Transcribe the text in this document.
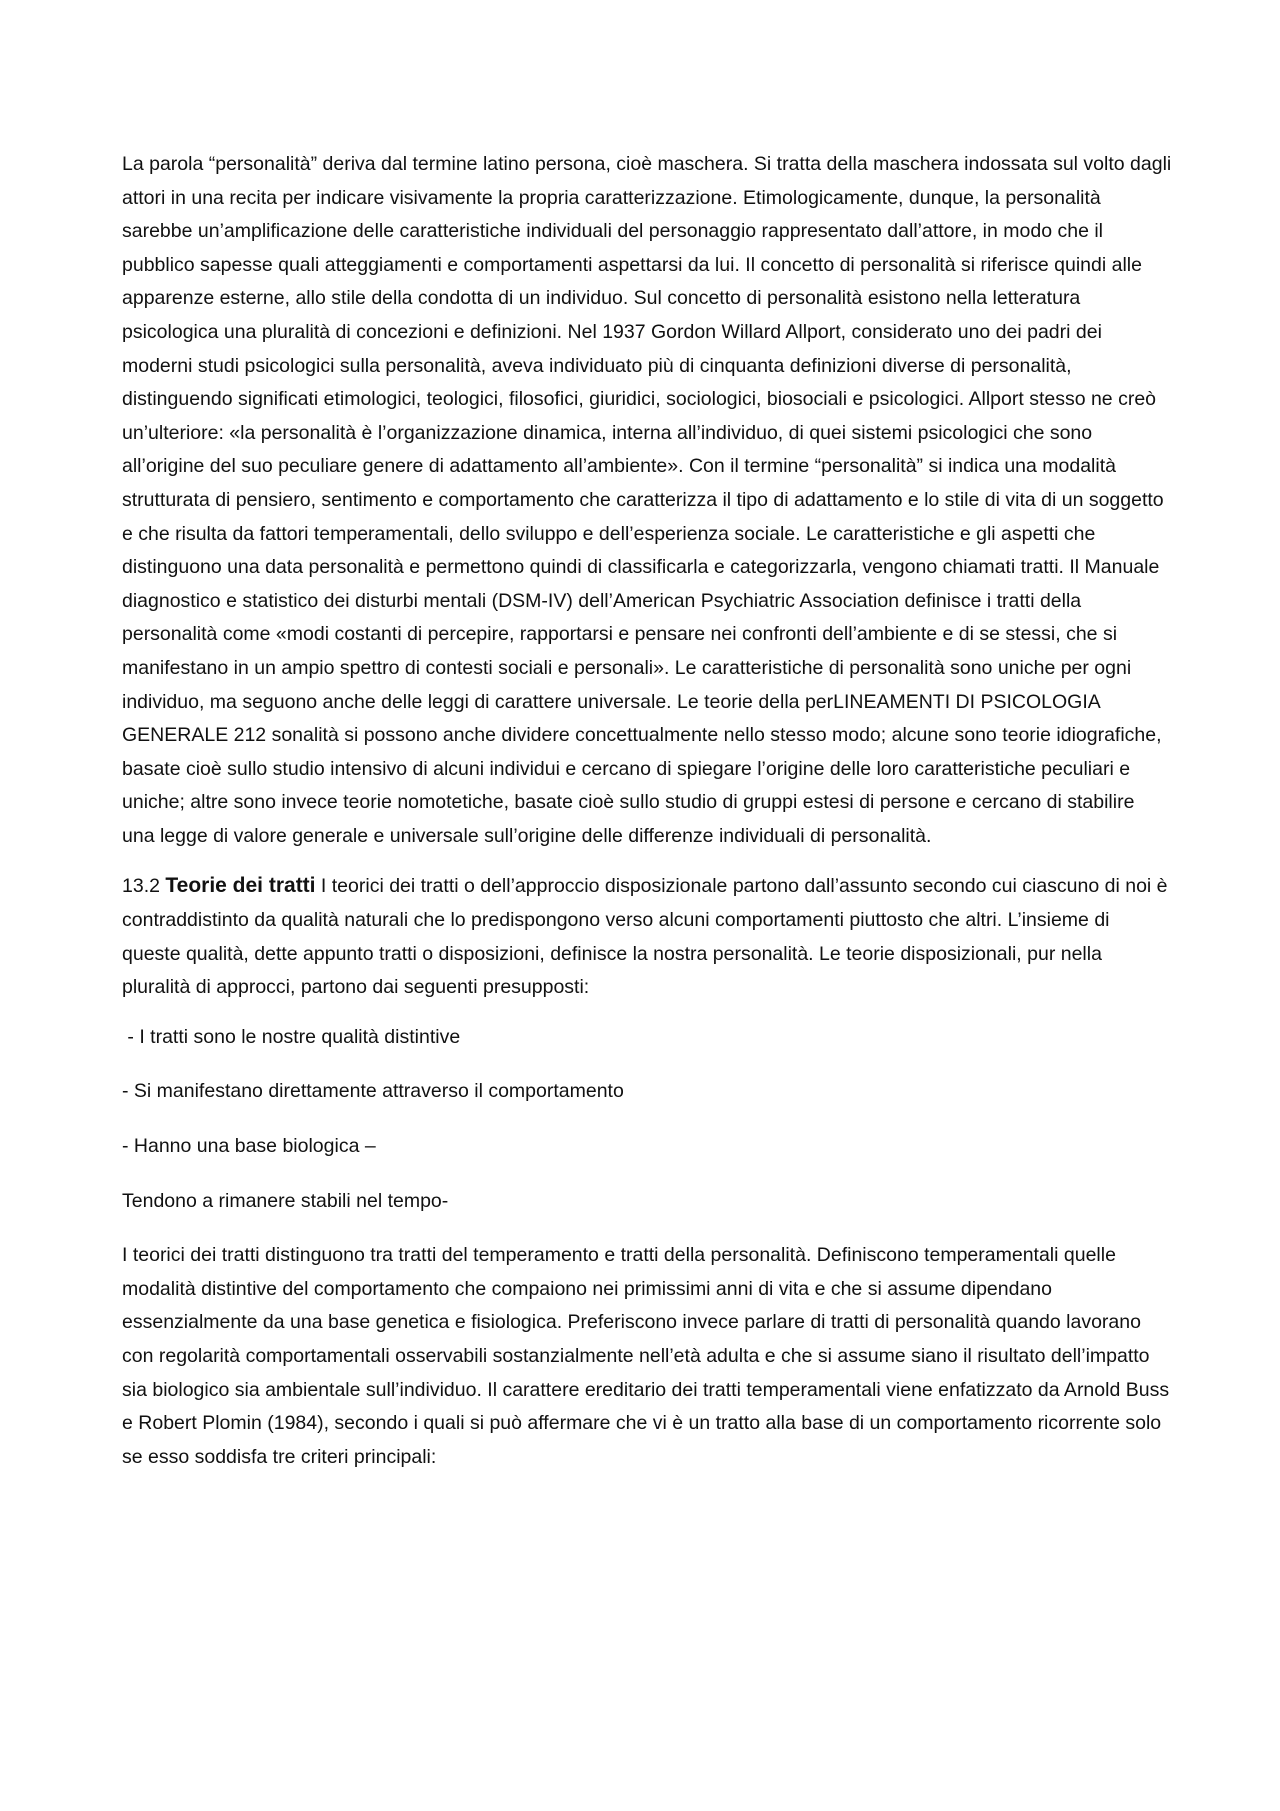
La parola “personalità” deriva dal termine latino persona, cioè maschera. Si tratta della maschera indossata sul volto dagli attori in una recita per indicare visivamente la propria caratterizzazione. Etimologicamente, dunque, la personalità sarebbe un’amplificazione delle caratteristiche individuali del personaggio rappresentato dall’attore, in modo che il pubblico sapesse quali atteggiamenti e comportamenti aspettarsi da lui. Il concetto di personalità si riferisce quindi alle apparenze esterne, allo stile della condotta di un individuo. Sul concetto di personalità esistono nella letteratura psicologica una pluralità di concezioni e definizioni. Nel 1937 Gordon Willard Allport, considerato uno dei padri dei moderni studi psicologici sulla personalità, aveva individuato più di cinquanta definizioni diverse di personalità, distinguendo significati etimologici, teologici, filosofici, giuridici, sociologici, biosociali e psicologici. Allport stesso ne creò un’ulteriore: «la personalità è l’organizzazione dinamica, interna all’individuo, di quei sistemi psicologici che sono all’origine del suo peculiare genere di adattamento all’ambiente». Con il termine “personalità” si indica una modalità strutturata di pensiero, sentimento e comportamento che caratterizza il tipo di adattamento e lo stile di vita di un soggetto e che risulta da fattori temperamentali, dello sviluppo e dell’esperienza sociale. Le caratteristiche e gli aspetti che distinguono una data personalità e permettono quindi di classificarla e categorizzarla, vengono chiamati tratti. Il Manuale diagnostico e statistico dei disturbi mentali (DSM-IV) dell’American Psychiatric Association definisce i tratti della personalità come «modi costanti di percepire, rapportarsi e pensare nei confronti dell’ambiente e di se stessi, che si manifestano in un ampio spettro di contesti sociali e personali». Le caratteristiche di personalità sono uniche per ogni individuo, ma seguono anche delle leggi di carattere universale. Le teorie della perLINEAMENTI DI PSICOLOGIA GENERALE 212 sonalità si possono anche dividere concettualmente nello stesso modo; alcune sono teorie idiografiche, basate cioè sullo studio intensivo di alcuni individui e cercano di spiegare l’origine delle loro caratteristiche peculiari e uniche; altre sono invece teorie nomotetiche, basate cioè sullo studio di gruppi estesi di persone e cercano di stabilire una legge di valore generale e universale sull’origine delle differenze individuali di personalità.

13.2 Teorie dei tratti I teorici dei tratti o dell’approccio disposizionale partono dall’assunto secondo cui ciascuno di noi è contraddistinto da qualità naturali che lo predispongono verso alcuni comportamenti piuttosto che altri. L’insieme di queste qualità, dette appunto tratti o disposizioni, definisce la nostra personalità. Le teorie disposizionali, pur nella pluralità di approcci, partono dai seguenti presupposti:

- I tratti sono le nostre qualità distintive

- Si manifestano direttamente attraverso il comportamento

- Hanno una base biologica –

Tendono a rimanere stabili nel tempo-

I teorici dei tratti distinguono tra tratti del temperamento e tratti della personalità. Definiscono temperamentali quelle modalità distintive del comportamento che compaiono nei primissimi anni di vita e che si assume dipendano essenzialmente da una base genetica e fisiologica. Preferiscono invece parlare di tratti di personalità quando lavorano con regolarità comportamentali osservabili sostanzialmente nell’età adulta e che si assume siano il risultato dell’impatto sia biologico sia ambientale sull’individuo. Il carattere ereditario dei tratti temperamentali viene enfatizzato da Arnold Buss e Robert Plomin (1984), secondo i quali si può affermare che vi è un tratto alla base di un comportamento ricorrente solo se esso soddisfa tre criteri principali:
